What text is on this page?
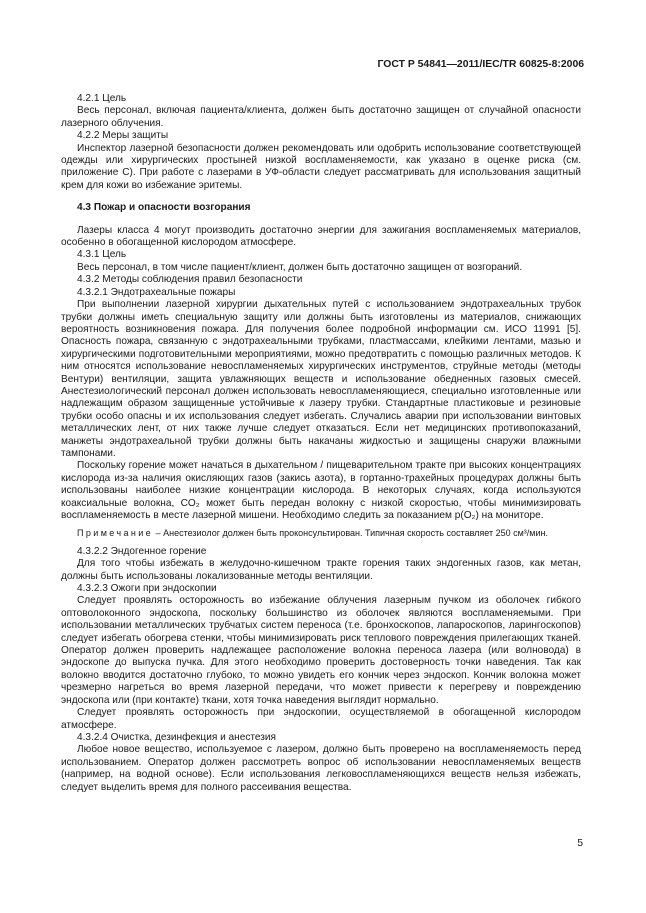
ГОСТ Р 54841—2011/IEC/TR 60825-8:2006

4.2.1 Цель

Весь персонал, включая пациента/клиента, должен быть достаточно защищен от случайной опасности лазерного облучения.

4.2.2 Меры защиты

Инспектор лазерной безопасности должен рекомендовать или одобрить использование соответствующей одежды или хирургических простыней низкой воспламеняемости, как указано в оценке риска (см. приложение С). При работе с лазерами в УФ-области следует рассматривать для использования защитный крем для кожи во избежание эритемы.

4.3 Пожар и опасности возгорания

Лазеры класса 4 могут производить достаточно энергии для зажигания воспламеняемых материалов, особенно в обогащенной кислородом атмосфере.

4.3.1 Цель

Весь персонал, в том числе пациент/клиент, должен быть достаточно защищен от возгораний.

4.3.2 Методы соблюдения правил безопасности

4.3.2.1 Эндотрахеальные пожары

При выполнении лазерной хирургии дыхательных путей с использованием эндотрахеальных трубок трубки должны иметь специальную защиту или должны быть изготовлены из материалов, снижающих вероятность возникновения пожара. Для получения более подробной информации см. ИСО 11991 [5]. Опасность пожара, связанную с эндотрахеальными трубками, пластмассами, клейкими лентами, мазью и хирургическими подготовительными мероприятиями, можно предотвратить с помощью различных методов. К ним относятся использование невоспламеняемых хирургических инструментов, струйные методы (методы Вентури) вентиляции, защита увлажняющих веществ и использование обедненных газовых смесей. Анестезиологический персонал должен использовать невоспламеняющиеся, специально изготовленные или надлежащим образом защищенные устойчивые к лазеру трубки. Стандартные пластиковые и резиновые трубки особо опасны и их использования следует избегать. Случались аварии при использовании винтовых металлических лент, от них также лучше следует отказаться. Если нет медицинских противопоказаний, манжеты эндотрахеальной трубки должны быть накачаны жидкостью и защищены снаружи влажными тампонами.

Поскольку горение может начаться в дыхательном / пищеварительном тракте при высоких концентрациях кислорода из-за наличия окисляющих газов (закись азота), в гортанно-трахейных процедурах должны быть использованы наиболее низкие концентрации кислорода. В некоторых случаях, когда используются коаксиальные волокна, CO₂ может быть передан волокну с низкой скоростью, чтобы минимизировать воспламеняемость в месте лазерной мишени. Необходимо следить за показанием p(O₂) на мониторе.

Примечание – Анестезиолог должен быть проконсультирован. Типичная скорость составляет 250 см³/мин.

4.3.2.2 Эндогенное горение

Для того чтобы избежать в желудочно-кишечном тракте горения таких эндогенных газов, как метан, должны быть использованы локализованные методы вентиляции.

4.3.2.3 Ожоги при эндоскопии

Следует проявлять осторожность во избежание облучения лазерным пучком из оболочек гибкого оптоволоконного эндоскопа, поскольку большинство из оболочек являются воспламеняемыми. При использовании металлических трубчатых систем переноса (т.е. бронхоскопов, лапароскопов, ларингоскопов) следует избегать обогрева стенки, чтобы минимизировать риск теплового повреждения прилегающих тканей. Оператор должен проверить надлежащее расположение волокна переноса лазера (или волновода) в эндоскопе до выпуска пучка. Для этого необходимо проверить достоверность точки наведения. Так как волокно вводится достаточно глубоко, то можно увидеть его кончик через эндоскоп. Кончик волокна может чрезмерно нагреться во время лазерной передачи, что может привести к перегреву и повреждению эндоскопа или (при контакте) ткани, хотя точка наведения выглядит нормально.

Следует проявлять осторожность при эндоскопии, осуществляемой в обогащенной кислородом атмосфере.

4.3.2.4 Очистка, дезинфекция и анестезия

Любое новое вещество, используемое с лазером, должно быть проверено на воспламеняемость перед использованием. Оператор должен рассмотреть вопрос об использовании невоспламеняемых веществ (например, на водной основе). Если использования легковоспламеняющихся веществ нельзя избежать, следует выделить время для полного рассеивания вещества.

5
